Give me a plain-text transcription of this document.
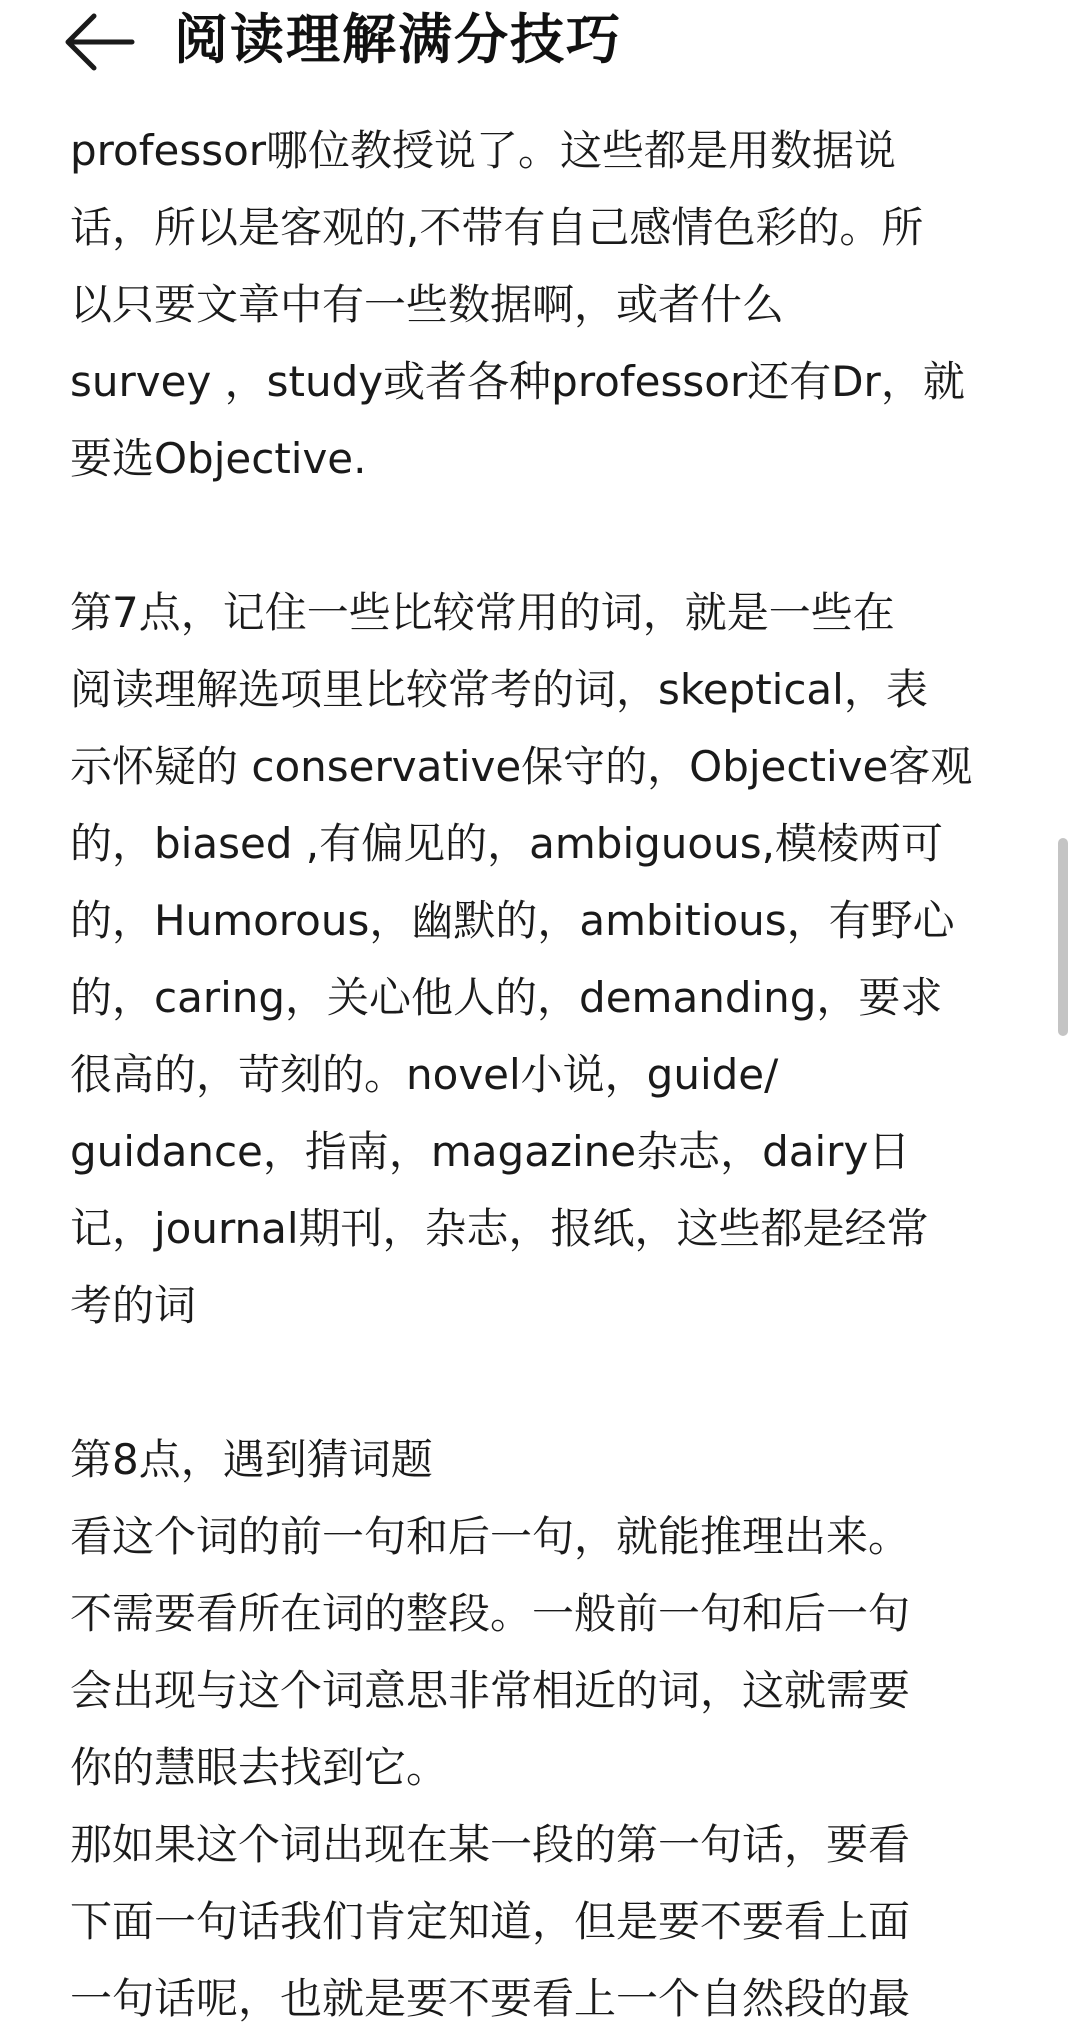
阅读理解满分技巧
professor哪位教授说了。这些都是用数据说
话，所以是客观的,不带有自己感情色彩的。所
以只要文章中有一些数据啊，或者什么
survey ，study或者各种professor还有Dr，就
要选Objective.
第7点，记住一些比较常用的词，就是一些在
阅读理解选项里比较常考的词，skeptical，表
示怀疑的 conservative保守的，Objective客观
的，biased ,有偏见的，ambiguous,模棱两可
的，Humorous，幽默的，ambitious，有野心
的，caring，关心他人的，demanding，要求
很高的，苛刻的。novel小说，guide/
guidance，指南，magazine杂志，dairy日
记，journal期刊，杂志，报纸，这些都是经常
考的词
第8点，遇到猜词题
看这个词的前一句和后一句，就能推理出来。
不需要看所在词的整段。一般前一句和后一句
会出现与这个词意思非常相近的词，这就需要
你的慧眼去找到它。
那如果这个词出现在某一段的第一句话，要看
下面一句话我们肯定知道，但是要不要看上面
一句话呢，也就是要不要看上一个自然段的最
